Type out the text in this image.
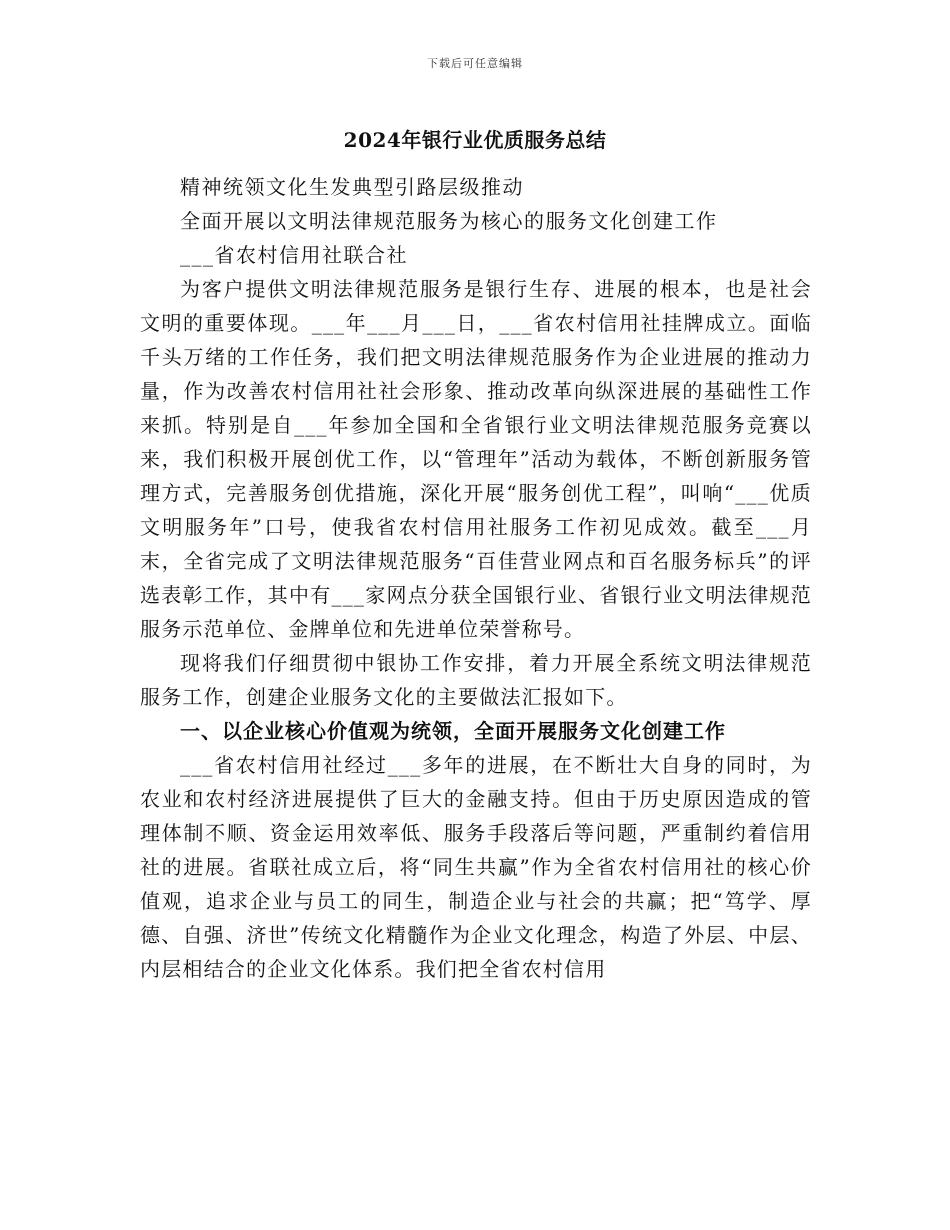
下载后可任意编辑
2024年银行业优质服务总结

精神统领文化生发典型引路层级推动

全面开展以文明法律规范服务为核心的服务文化创建工作

___省农村信用社联合社

为客户提供文明法律规范服务是银行生存、进展的根本，也是社会文明的重要体现。___年___月___日，___省农村信用社挂牌成立。面临千头万绪的工作任务，我们把文明法律规范服务作为企业进展的推动力量，作为改善农村信用社社会形象、推动改革向纵深进展的基础性工作来抓。特别是自___年参加全国和全省银行业文明法律规范服务竞赛以来，我们积极开展创优工作，以“管理年”活动为载体，不断创新服务管理方式，完善服务创优措施，深化开展“服务创优工程”，叫响“___优质文明服务年”口号，使我省农村信用社服务工作初见成效。截至___月末，全省完成了文明法律规范服务“百佳营业网点和百名服务标兵”的评选表彰工作，其中有___家网点分获全国银行业、省银行业文明法律规范服务示范单位、金牌单位和先进单位荣誉称号。

现将我们仔细贯彻中银协工作安排，着力开展全系统文明法律规范服务工作，创建企业服务文化的主要做法汇报如下。

一、以企业核心价值观为统领，全面开展服务文化创建工作

___省农村信用社经过___多年的进展，在不断壮大自身的同时，为农业和农村经济进展提供了巨大的金融支持。但由于历史原因造成的管理体制不顺、资金运用效率低、服务手段落后等问题，严重制约着信用社的进展。省联社成立后，将“同生共赢”作为全省农村信用社的核心价值观，追求企业与员工的同生，制造企业与社会的共赢；把“笃学、厚德、自强、济世”传统文化精髓作为企业文化理念，构造了外层、中层、内层相结合的企业文化体系。我们把全省农村信用
